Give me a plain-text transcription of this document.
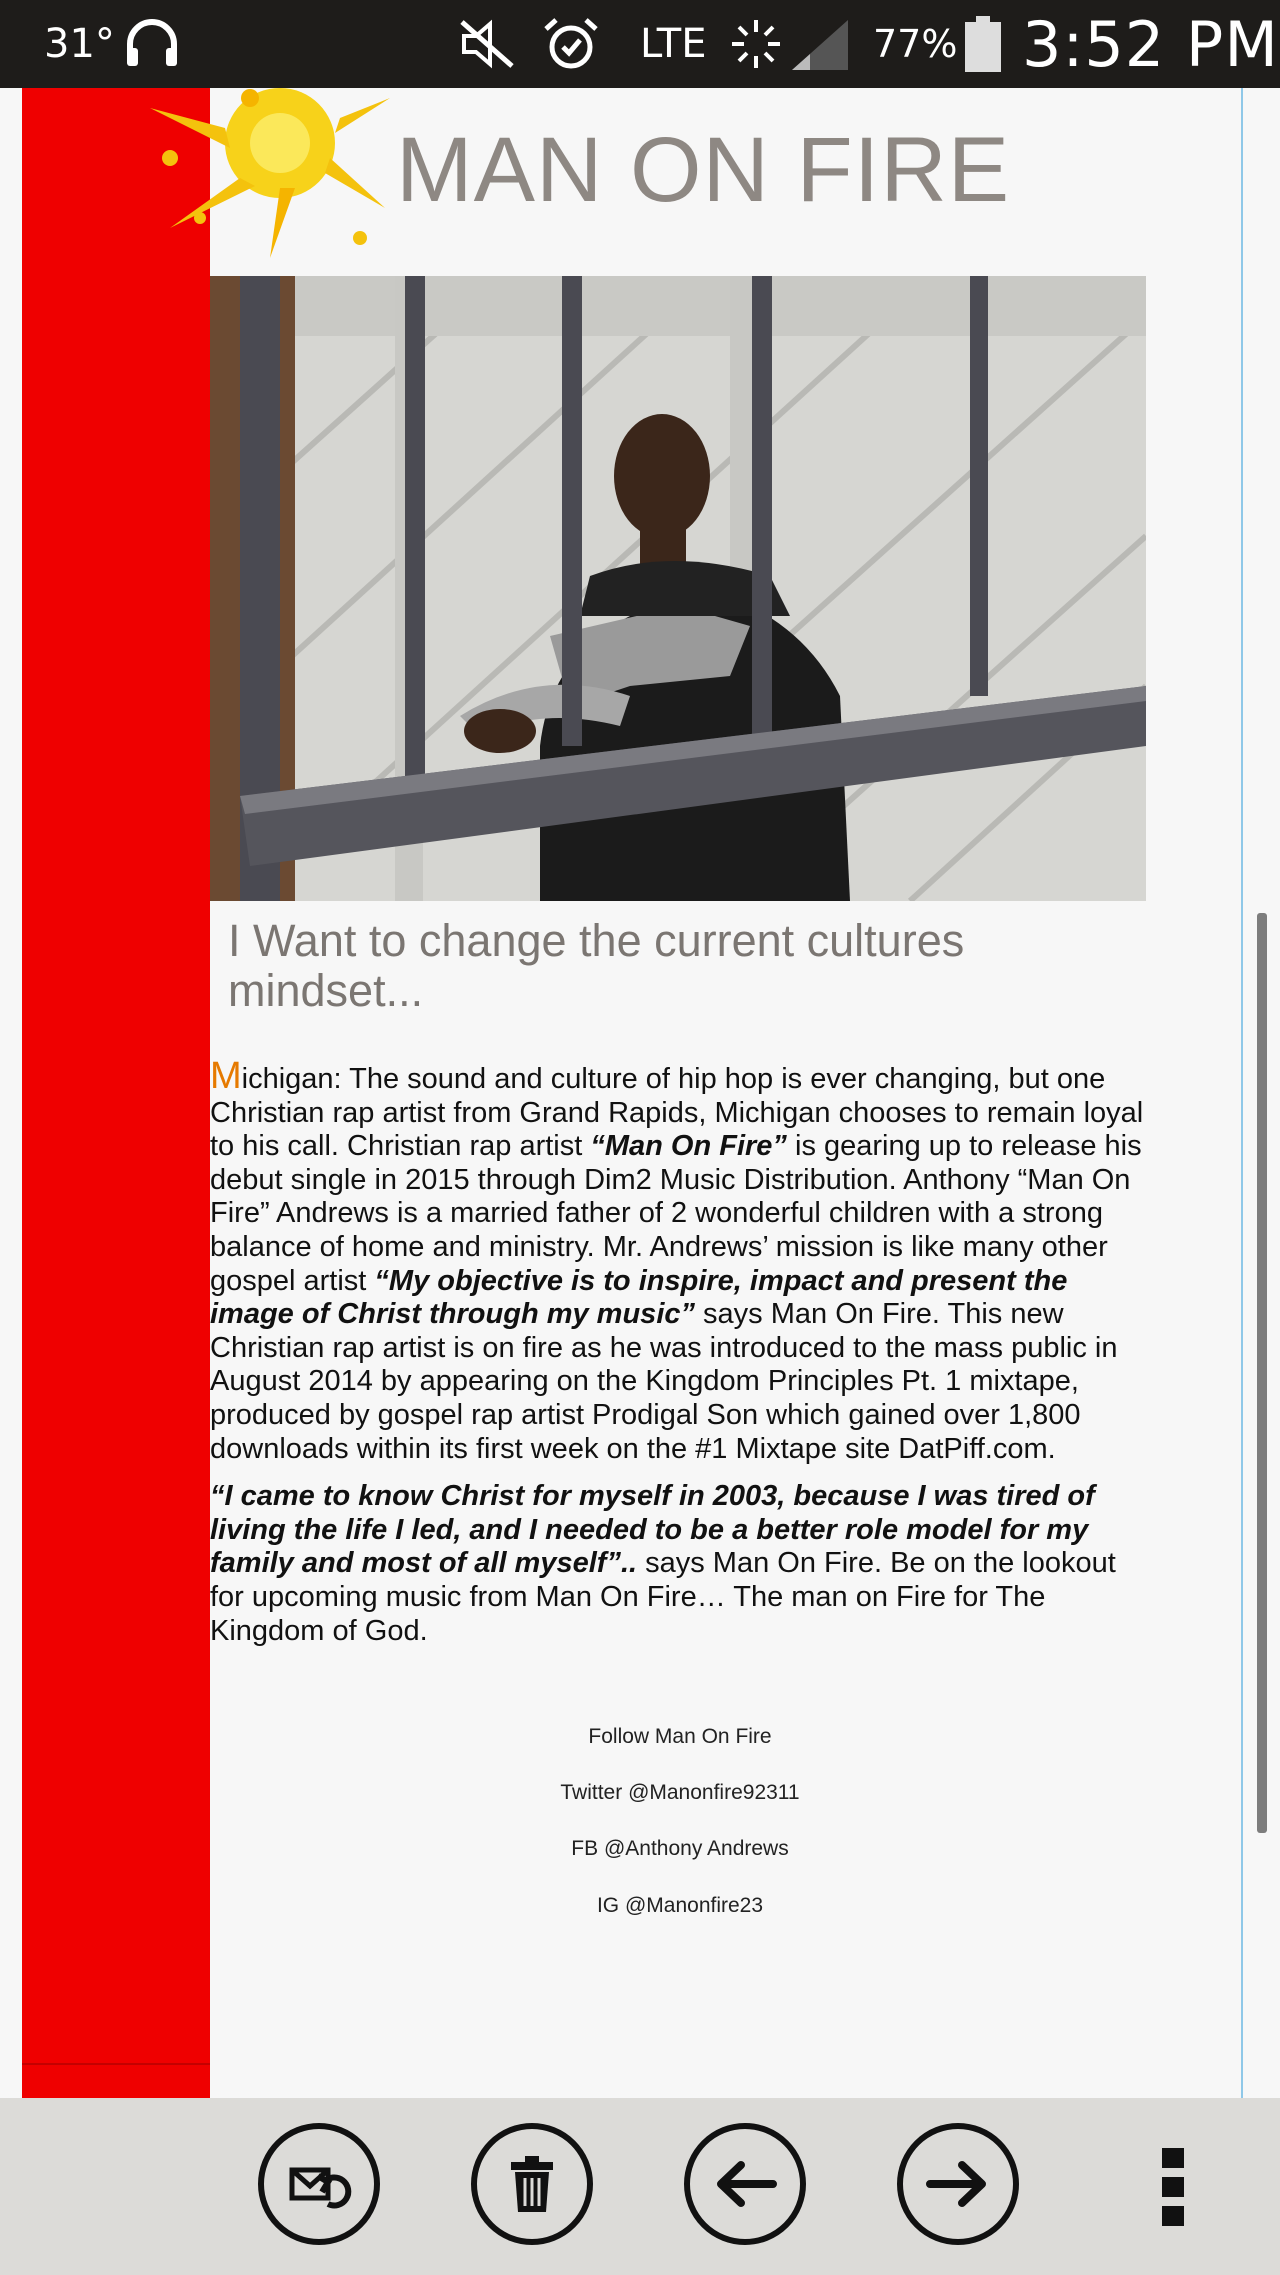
31°	LTE	77% 3:52 PM
MAN ON FIRE
I Want to change the current cultures mindset...

Michigan: The sound and culture of hip hop is ever changing, but one Christian rap artist from Grand Rapids, Michigan chooses to remain loyal to his call. Christian rap artist “Man On Fire” is gearing up to release his debut single in 2015 through Dim2 Music Distribution. Anthony “Man On Fire” Andrews is a married father of 2 wonderful children with a strong balance of home and ministry. Mr. Andrews’ mission is like many other gospel artist “My objective is to inspire, impact and present the image of Christ through my music” says Man On Fire. This new Christian rap artist is on fire as he was introduced to the mass public in August 2014 by appearing on the Kingdom Principles Pt. 1 mixtape, produced by gospel rap artist Prodigal Son which gained over 1,800 downloads within its first week on the #1 Mixtape site DatPiff.com.

“I came to know Christ for myself in 2003, because I was tired of living the life I led, and I needed to be a better role model for my family and most of all myself”.. says Man On Fire. Be on the lookout for upcoming music from Man On Fire… The man on Fire for The Kingdom of God.

Follow Man On Fire
Twitter @Manonfire92311
FB @Anthony Andrews
IG @Manonfire23
